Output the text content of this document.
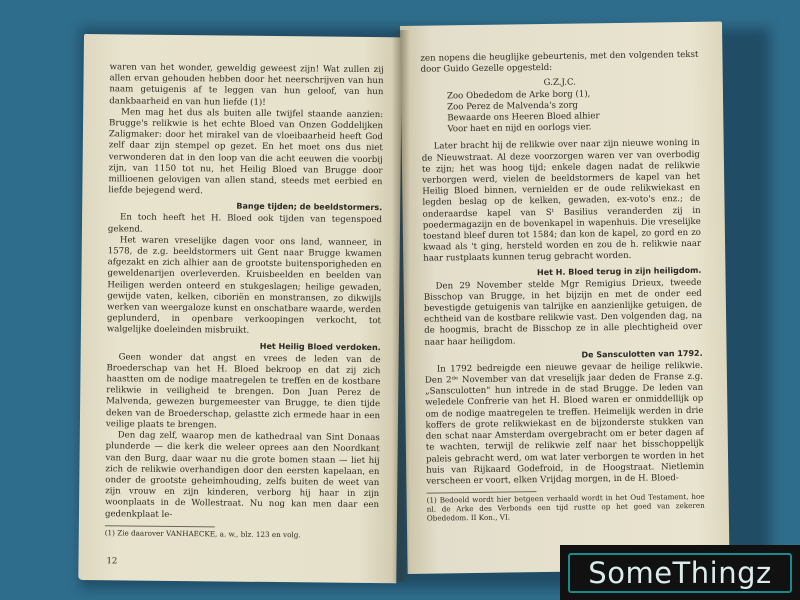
waren van het wonder, geweldig geweest zijn! Wat zullen zij allen ervan gehouden hebben door het neerschrijven van hun naam getuigenis af te leggen van hun geloof, van hun dankbaarheid en van hun liefde (1)!

Men mag het dus als buiten alle twijfel staande aanzien: Brugge's relikwie is het echte Bloed van Onzen Goddelijken Zaligmaker: door het mirakel van de vloeibaarheid heeft God zelf daar zijn stempel op gezet. En het moet ons dus niet verwonderen dat in den loop van die acht eeuwen die voorbij zijn, van 1150 tot nu, het Heilig Bloed van Brugge door millioenen gelovigen van allen stand, steeds met eerbied en liefde bejegend werd.

Bange tijden; de beeldstormers.

En toch heeft het H. Bloed ook tijden van tegenspoed gekend.

Het waren vreselijke dagen voor ons land, wanneer, in 1578, de z.g. beeldstormers uit Gent naar Brugge kwamen afgezakt en zich alhier aan de grootste buitensporigheden en geweldenarijen overleverden. Kruisbeelden en beelden van Heiligen werden onteerd en stukgeslagen; heilige gewaden, gewijde vaten, kelken, ciboriën en monstransen, zo dikwijls werken van weergaloze kunst en onschatbare waarde, werden geplunderd, in openbare verkoopingen verkocht, tot walgelijke doeleinden misbruikt.

Het Heilig Bloed verdoken.

Geen wonder dat angst en vrees de leden van de Broederschap van het H. Bloed bekroop en dat zij zich haastten om de nodige maatregelen te treffen en de kostbare relikwie in veiligheid te brengen. Don Juan Perez de Malvenda, gewezen burgemeester van Brugge, te dien tijde deken van de Broederschap, gelastte zich ermede haar in een veilige plaats te brengen.

Den dag zelf, waarop men de kathedraal van Sint Donaas plunderde — die kerk die weleer oprees aan den Noordkant van den Burg, daar waar nu die grote bomen staan — liet hij zich de relikwie overhandigen door den eersten kapelaan, en onder de grootste geheimhouding, zelfs buiten de weet van zijn vrouw en zijn kinderen, verborg hij haar in zijn woonplaats in de Wollestraat. Nu nog kan men daar een gedenkplaat le-

(1) Zie daarover VANHAECKE, a. w., blz. 123 en volg.

12

zen nopens die heuglijke gebeurtenis, met den volgenden tekst door Guido Gezelle opgesteld:

G.Z.J.C.
Zoo Obededom de Arke borg (1),
Zoo Perez de Malvenda's zorg
Bewaarde ons Heeren Bloed alhier
Voor haet en nijd en oorlogs vier.

Later bracht hij de relikwie over naar zijn nieuwe woning in de Nieuwstraat. Al deze voorzorgen waren ver van overbodig te zijn; het was hoog tijd; enkele dagen nadat de relikwie verborgen werd, vielen de beeldstormers de kapel van het Heilig Bloed binnen, vernielden er de oude relikwiekast en legden beslag op de kelken, gewaden, ex-voto's enz.; de onderaardse kapel van Sᵗ Basilius veranderden zij in poedermagazijn en de bovenkapel in wapenhuis. Die vreselijke toestand bleef duren tot 1584; dan kon de kapel, zo gord en zo kwaad als 't ging, hersteld worden en zou de h. relikwie naar haar rustplaats kunnen terug gebracht worden.

Het H. Bloed terug in zijn heiligdom.

Den 29 November stelde Mgr Remigius Drieux, tweede Bisschop van Brugge, in het bijzijn en met de onder eed bevestigde getuigenis van talrijke en aanzienlijke getuigen, de echtheid van de kostbare relikwie vast. Den volgenden dag, na de hoogmis, bracht de Bisschop ze in alle plechtigheid over naar haar heiligdom.

De Sansculotten van 1792.

In 1792 bedreigde een nieuwe gevaar de heilige relikwie. Den 2ᵈᵉ November van dat vreselijk jaar deden de Franse z.g. „Sansculotten" hun intrede in de stad Brugge. De leden van weledele Confrerie van het H. Bloed waren er onmiddellijk op om de nodige maatregelen te treffen. Heimelijk werden in drie koffers de grote relikwiekast en de bijzonderste stukken van den schat naar Amsterdam overgebracht om er beter dagen af te wachten, terwijl de relikwie zelf naar het bisschoppelijk paleis gebracht werd, om wat later verborgen te worden in het huis van Rijkaard Godefroid, in de Hoogstraat. Nietlemin verscheen er voort, elken Vrijdag morgen, in de H. Bloed-

(1) Bedoeld wordt hier betgeen verhaald wordt in het Oud Testament, hoe nl. de Arke des Verbonds een tijd rustte op het goed van zekeren Obededom. II Kon., VI.

SomeThingz
